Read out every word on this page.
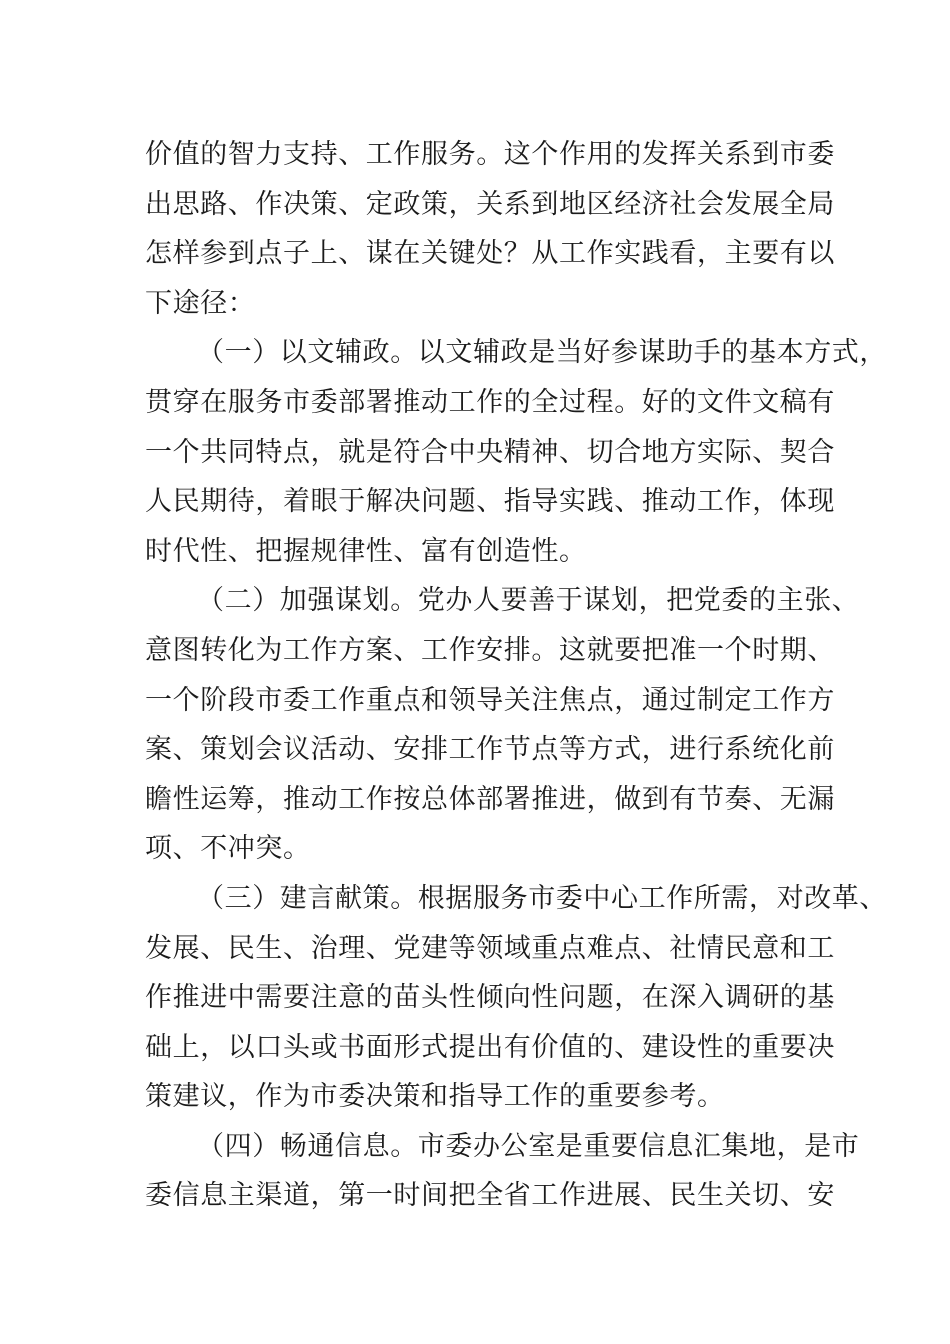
价值的智力支持、工作服务。这个作用的发挥关系到市委
出思路、作决策、定政策，关系到地区经济社会发展全局
怎样参到点子上、谋在关键处？从工作实践看，主要有以
下途径：
（一）以文辅政。以文辅政是当好参谋助手的基本方式，
贯穿在服务市委部署推动工作的全过程。好的文件文稿有
一个共同特点，就是符合中央精神、切合地方实际、契合
人民期待，着眼于解决问题、指导实践、推动工作，体现
时代性、把握规律性、富有创造性。
（二）加强谋划。党办人要善于谋划，把党委的主张、
意图转化为工作方案、工作安排。这就要把准一个时期、
一个阶段市委工作重点和领导关注焦点，通过制定工作方
案、策划会议活动、安排工作节点等方式，进行系统化前
瞻性运筹，推动工作按总体部署推进，做到有节奏、无漏
项、不冲突。
（三）建言献策。根据服务市委中心工作所需，对改革、
发展、民生、治理、党建等领域重点难点、社情民意和工
作推进中需要注意的苗头性倾向性问题，在深入调研的基
础上，以口头或书面形式提出有价值的、建设性的重要决
策建议，作为市委决策和指导工作的重要参考。
（四）畅通信息。市委办公室是重要信息汇集地，是市
委信息主渠道，第一时间把全省工作进展、民生关切、安
